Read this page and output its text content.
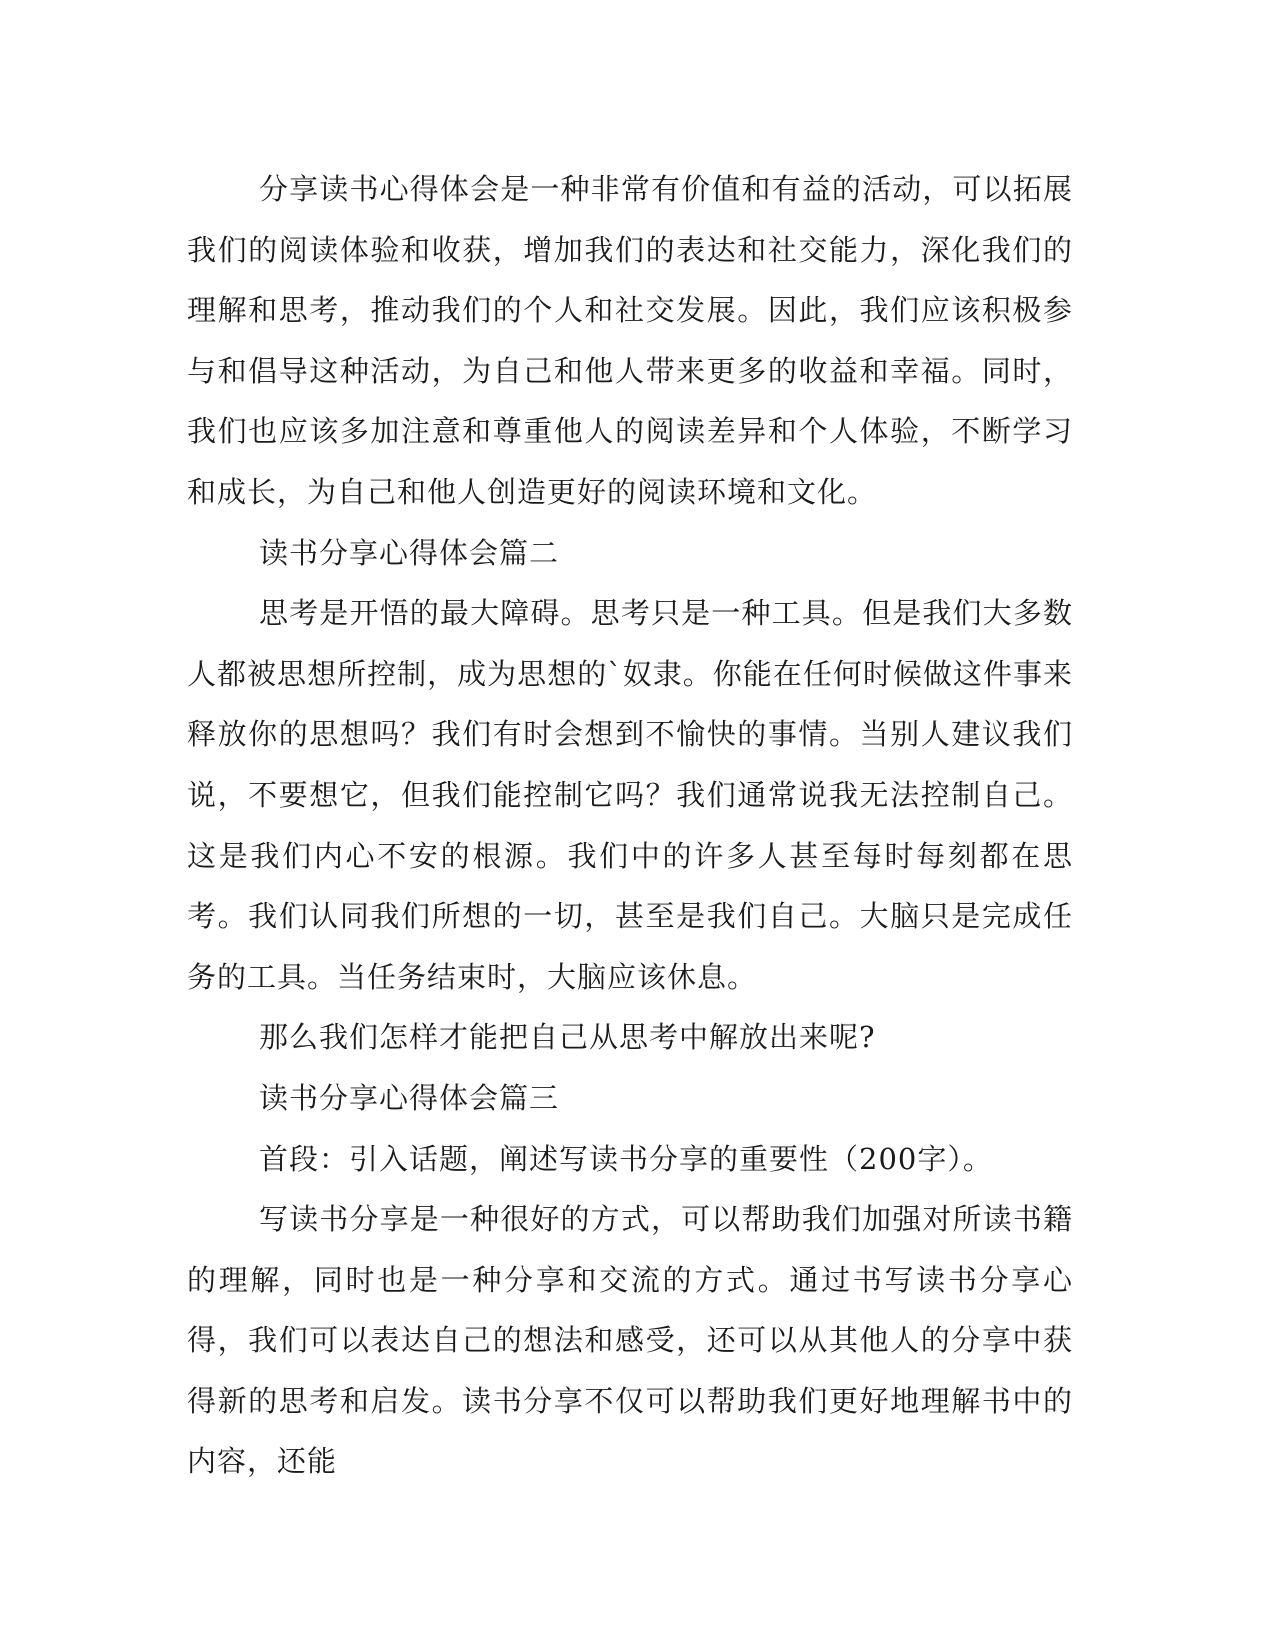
分享读书心得体会是一种非常有价值和有益的活动，可以拓展我们的阅读体验和收获，增加我们的表达和社交能力，深化我们的理解和思考，推动我们的个人和社交发展。因此，我们应该积极参与和倡导这种活动，为自己和他人带来更多的收益和幸福。同时，我们也应该多加注意和尊重他人的阅读差异和个人体验，不断学习和成长，为自己和他人创造更好的阅读环境和文化。

读书分享心得体会篇二

思考是开悟的最大障碍。思考只是一种工具。但是我们大多数人都被思想所控制，成为思想的`奴隶。你能在任何时候做这件事来释放你的思想吗？我们有时会想到不愉快的事情。当别人建议我们说，不要想它，但我们能控制它吗？我们通常说我无法控制自己。这是我们内心不安的根源。我们中的许多人甚至每时每刻都在思考。我们认同我们所想的一切，甚至是我们自己。大脑只是完成任务的工具。当任务结束时，大脑应该休息。

那么我们怎样才能把自己从思考中解放出来呢?

读书分享心得体会篇三

首段：引入话题，阐述写读书分享的重要性（200字）。

写读书分享是一种很好的方式，可以帮助我们加强对所读书籍的理解，同时也是一种分享和交流的方式。通过书写读书分享心得，我们可以表达自己的想法和感受，还可以从其他人的分享中获得新的思考和启发。读书分享不仅可以帮助我们更好地理解书中的内容，还能
